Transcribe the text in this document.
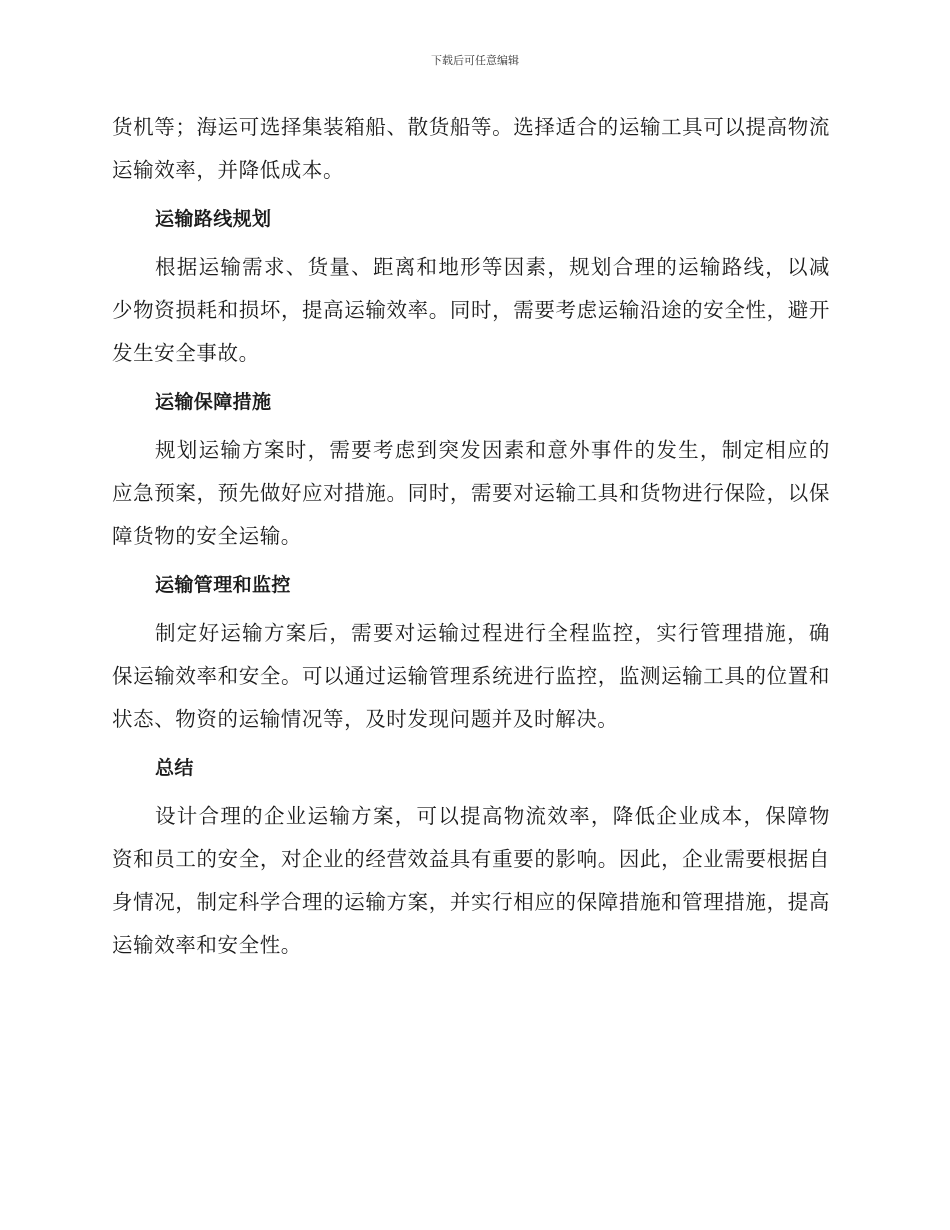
下载后可任意编辑

货机等；海运可选择集装箱船、散货船等。选择适合的运输工具可以提高物流运输效率，并降低成本。

运输路线规划

根据运输需求、货量、距离和地形等因素，规划合理的运输路线，以减少物资损耗和损坏，提高运输效率。同时，需要考虑运输沿途的安全性，避开发生安全事故。

运输保障措施

规划运输方案时，需要考虑到突发因素和意外事件的发生，制定相应的应急预案，预先做好应对措施。同时，需要对运输工具和货物进行保险，以保障货物的安全运输。

运输管理和监控

制定好运输方案后，需要对运输过程进行全程监控，实行管理措施，确保运输效率和安全。可以通过运输管理系统进行监控，监测运输工具的位置和状态、物资的运输情况等，及时发现问题并及时解决。

总结

设计合理的企业运输方案，可以提高物流效率，降低企业成本，保障物资和员工的安全，对企业的经营效益具有重要的影响。因此，企业需要根据自身情况，制定科学合理的运输方案，并实行相应的保障措施和管理措施，提高运输效率和安全性。
